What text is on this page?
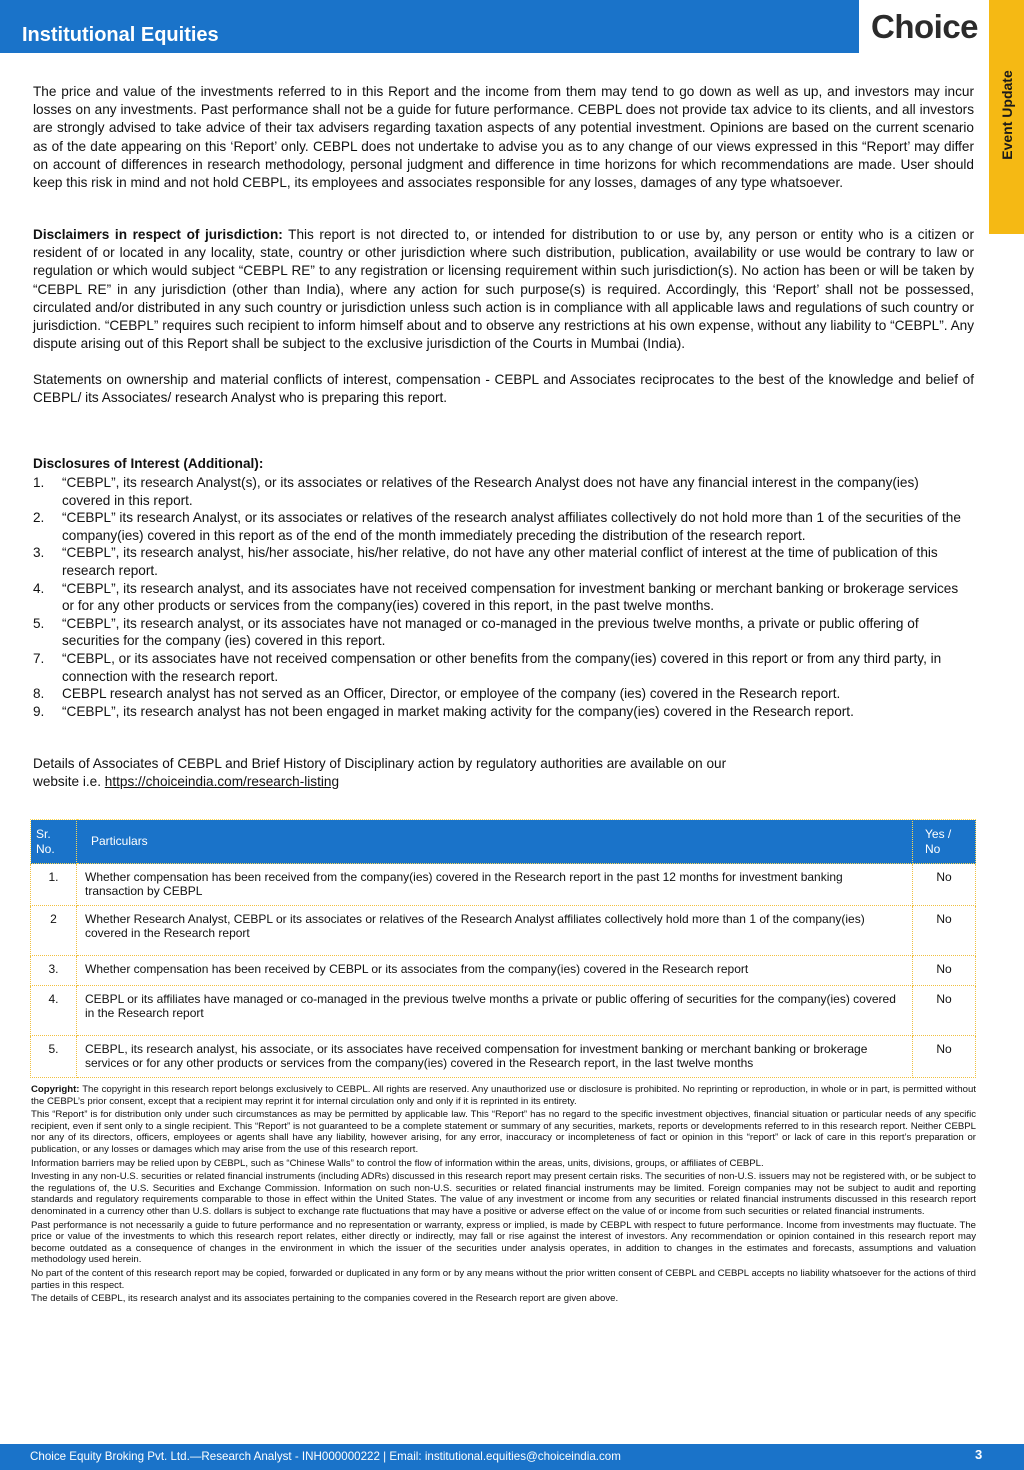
Institutional Equities	Choice
Event Update

The price and value of the investments referred to in this Report and the income from them may tend to go down as well as up, and investors may incur losses on any investments. Past performance shall not be a guide for future performance. CEBPL does not provide tax advice to its clients, and all investors are strongly advised to take advice of their tax advisers regarding taxation aspects of any potential investment. Opinions are based on the current scenario as of the date appearing on this ‘Report’ only. CEBPL does not undertake to advise you as to any change of our views expressed in this “Report’ may differ on account of differences in research methodology, personal judgment and difference in time horizons for which recommendations are made. User should keep this risk in mind and not hold CEBPL, its employees and associates responsible for any losses, damages of any type whatsoever.

Disclaimers in respect of jurisdiction: This report is not directed to, or intended for distribution to or use by, any person or entity who is a citizen or resident of or located in any locality, state, country or other jurisdiction where such distribution, publication, availability or use would be contrary to law or regulation or which would subject “CEBPL RE” to any registration or licensing requirement within such jurisdiction(s). No action has been or will be taken by “CEBPL RE” in any jurisdiction (other than India), where any action for such purpose(s) is required. Accordingly, this ‘Report’ shall not be possessed, circulated and/or distributed in any such country or jurisdiction unless such action is in compliance with all applicable laws and regulations of such country or jurisdiction. “CEBPL” requires such recipient to inform himself about and to observe any restrictions at his own expense, without any liability to “CEBPL”. Any dispute arising out of this Report shall be subject to the exclusive jurisdiction of the Courts in Mumbai (India).

Statements on ownership and material conflicts of interest, compensation - CEBPL and Associates reciprocates to the best of the knowledge and belief of CEBPL/ its Associates/ research Analyst who is preparing this report.

Disclosures of Interest (Additional):
1. “CEBPL”, its research Analyst(s), or its associates or relatives of the Research Analyst does not have any financial interest in the company(ies) covered in this report.
2. “CEBPL” its research Analyst, or its associates or relatives of the research analyst affiliates collectively do not hold more than 1 of the securities of the company(ies) covered in this report as of the end of the month immediately preceding the distribution of the research report.
3. “CEBPL”, its research analyst, his/her associate, his/her relative, do not have any other material conflict of interest at the time of publication of this research report.
4. “CEBPL”, its research analyst, and its associates have not received compensation for investment banking or merchant banking or brokerage services or for any other products or services from the company(ies) covered in this report, in the past twelve months.
5. “CEBPL”, its research analyst, or its associates have not managed or co-managed in the previous twelve months, a private or public offering of securities for the company (ies) covered in this report.
7. “CEBPL, or its associates have not received compensation or other benefits from the company(ies) covered in this report or from any third party, in connection with the research report.
8. CEBPL research analyst has not served as an Officer, Director, or employee of the company (ies) covered in the Research report.
9. “CEBPL”, its research analyst has not been engaged in market making activity for the company(ies) covered in the Research report.
Details of Associates of CEBPL and Brief History of Disciplinary action by regulatory authorities are available on our
website i.e. https://choiceindia.com/research-listing
Sr. No.	Particulars	Yes / No
1.	Whether compensation has been received from the company(ies) covered in the Research report in the past 12 months for investment banking transaction by CEBPL	No
2	Whether Research Analyst, CEBPL or its associates or relatives of the Research Analyst affiliates collectively hold more than 1 of the company(ies) covered in the Research report	No
3.	Whether compensation has been received by CEBPL or its associates from the company(ies) covered in the Research report	No
4.	CEBPL or its affiliates have managed or co-managed in the previous twelve months a private or public offering of securities for the company(ies) covered in the Research report	No
5.	CEBPL, its research analyst, his associate, or its associates have received compensation for investment banking or merchant banking or brokerage services or for any other products or services from the company(ies) covered in the Research report, in the last twelve months	No

Copyright: The copyright in this research report belongs exclusively to CEBPL. All rights are reserved. Any unauthorized use or disclosure is prohibited. No reprinting or reproduction, in whole or in part, is permitted without the CEBPL’s prior consent, except that a recipient may reprint it for internal circulation only and only if it is reprinted in its entirety.

This “Report” is for distribution only under such circumstances as may be permitted by applicable law. This “Report” has no regard to the specific investment objectives, financial situation or particular needs of any specific recipient, even if sent only to a single recipient. This “Report” is not guaranteed to be a complete statement or summary of any securities, markets, reports or developments referred to in this research report. Neither CEBPL nor any of its directors, officers, employees or agents shall have any liability, however arising, for any error, inaccuracy or incompleteness of fact or opinion in this “report” or lack of care in this report’s preparation or publication, or any losses or damages which may arise from the use of this research report.

Information barriers may be relied upon by CEBPL, such as “Chinese Walls” to control the flow of information within the areas, units, divisions, groups, or affiliates of CEBPL.

Investing in any non-U.S. securities or related financial instruments (including ADRs) discussed in this research report may present certain risks. The securities of non-U.S. issuers may not be registered with, or be subject to the regulations of, the U.S. Securities and Exchange Commission. Information on such non-U.S. securities or related financial instruments may be limited. Foreign companies may not be subject to audit and reporting standards and regulatory requirements comparable to those in effect within the United States. The value of any investment or income from any securities or related financial instruments discussed in this research report denominated in a currency other than U.S. dollars is subject to exchange rate fluctuations that may have a positive or adverse effect on the value of or income from such securities or related financial instruments.

Past performance is not necessarily a guide to future performance and no representation or warranty, express or implied, is made by CEBPL with respect to future performance. Income from investments may fluctuate. The price or value of the investments to which this research report relates, either directly or indirectly, may fall or rise against the interest of investors. Any recommendation or opinion contained in this research report may become outdated as a consequence of changes in the environment in which the issuer of the securities under analysis operates, in addition to changes in the estimates and forecasts, assumptions and valuation methodology used herein.

No part of the content of this research report may be copied, forwarded or duplicated in any form or by any means without the prior written consent of CEBPL and CEBPL accepts no liability whatsoever for the actions of third parties in this respect.

The details of CEBPL, its research analyst and its associates pertaining to the companies covered in the Research report are given above.

Choice Equity Broking Pvt. Ltd.—Research Analyst - INH000000222 | Email: institutional.equities@choiceindia.com	3
